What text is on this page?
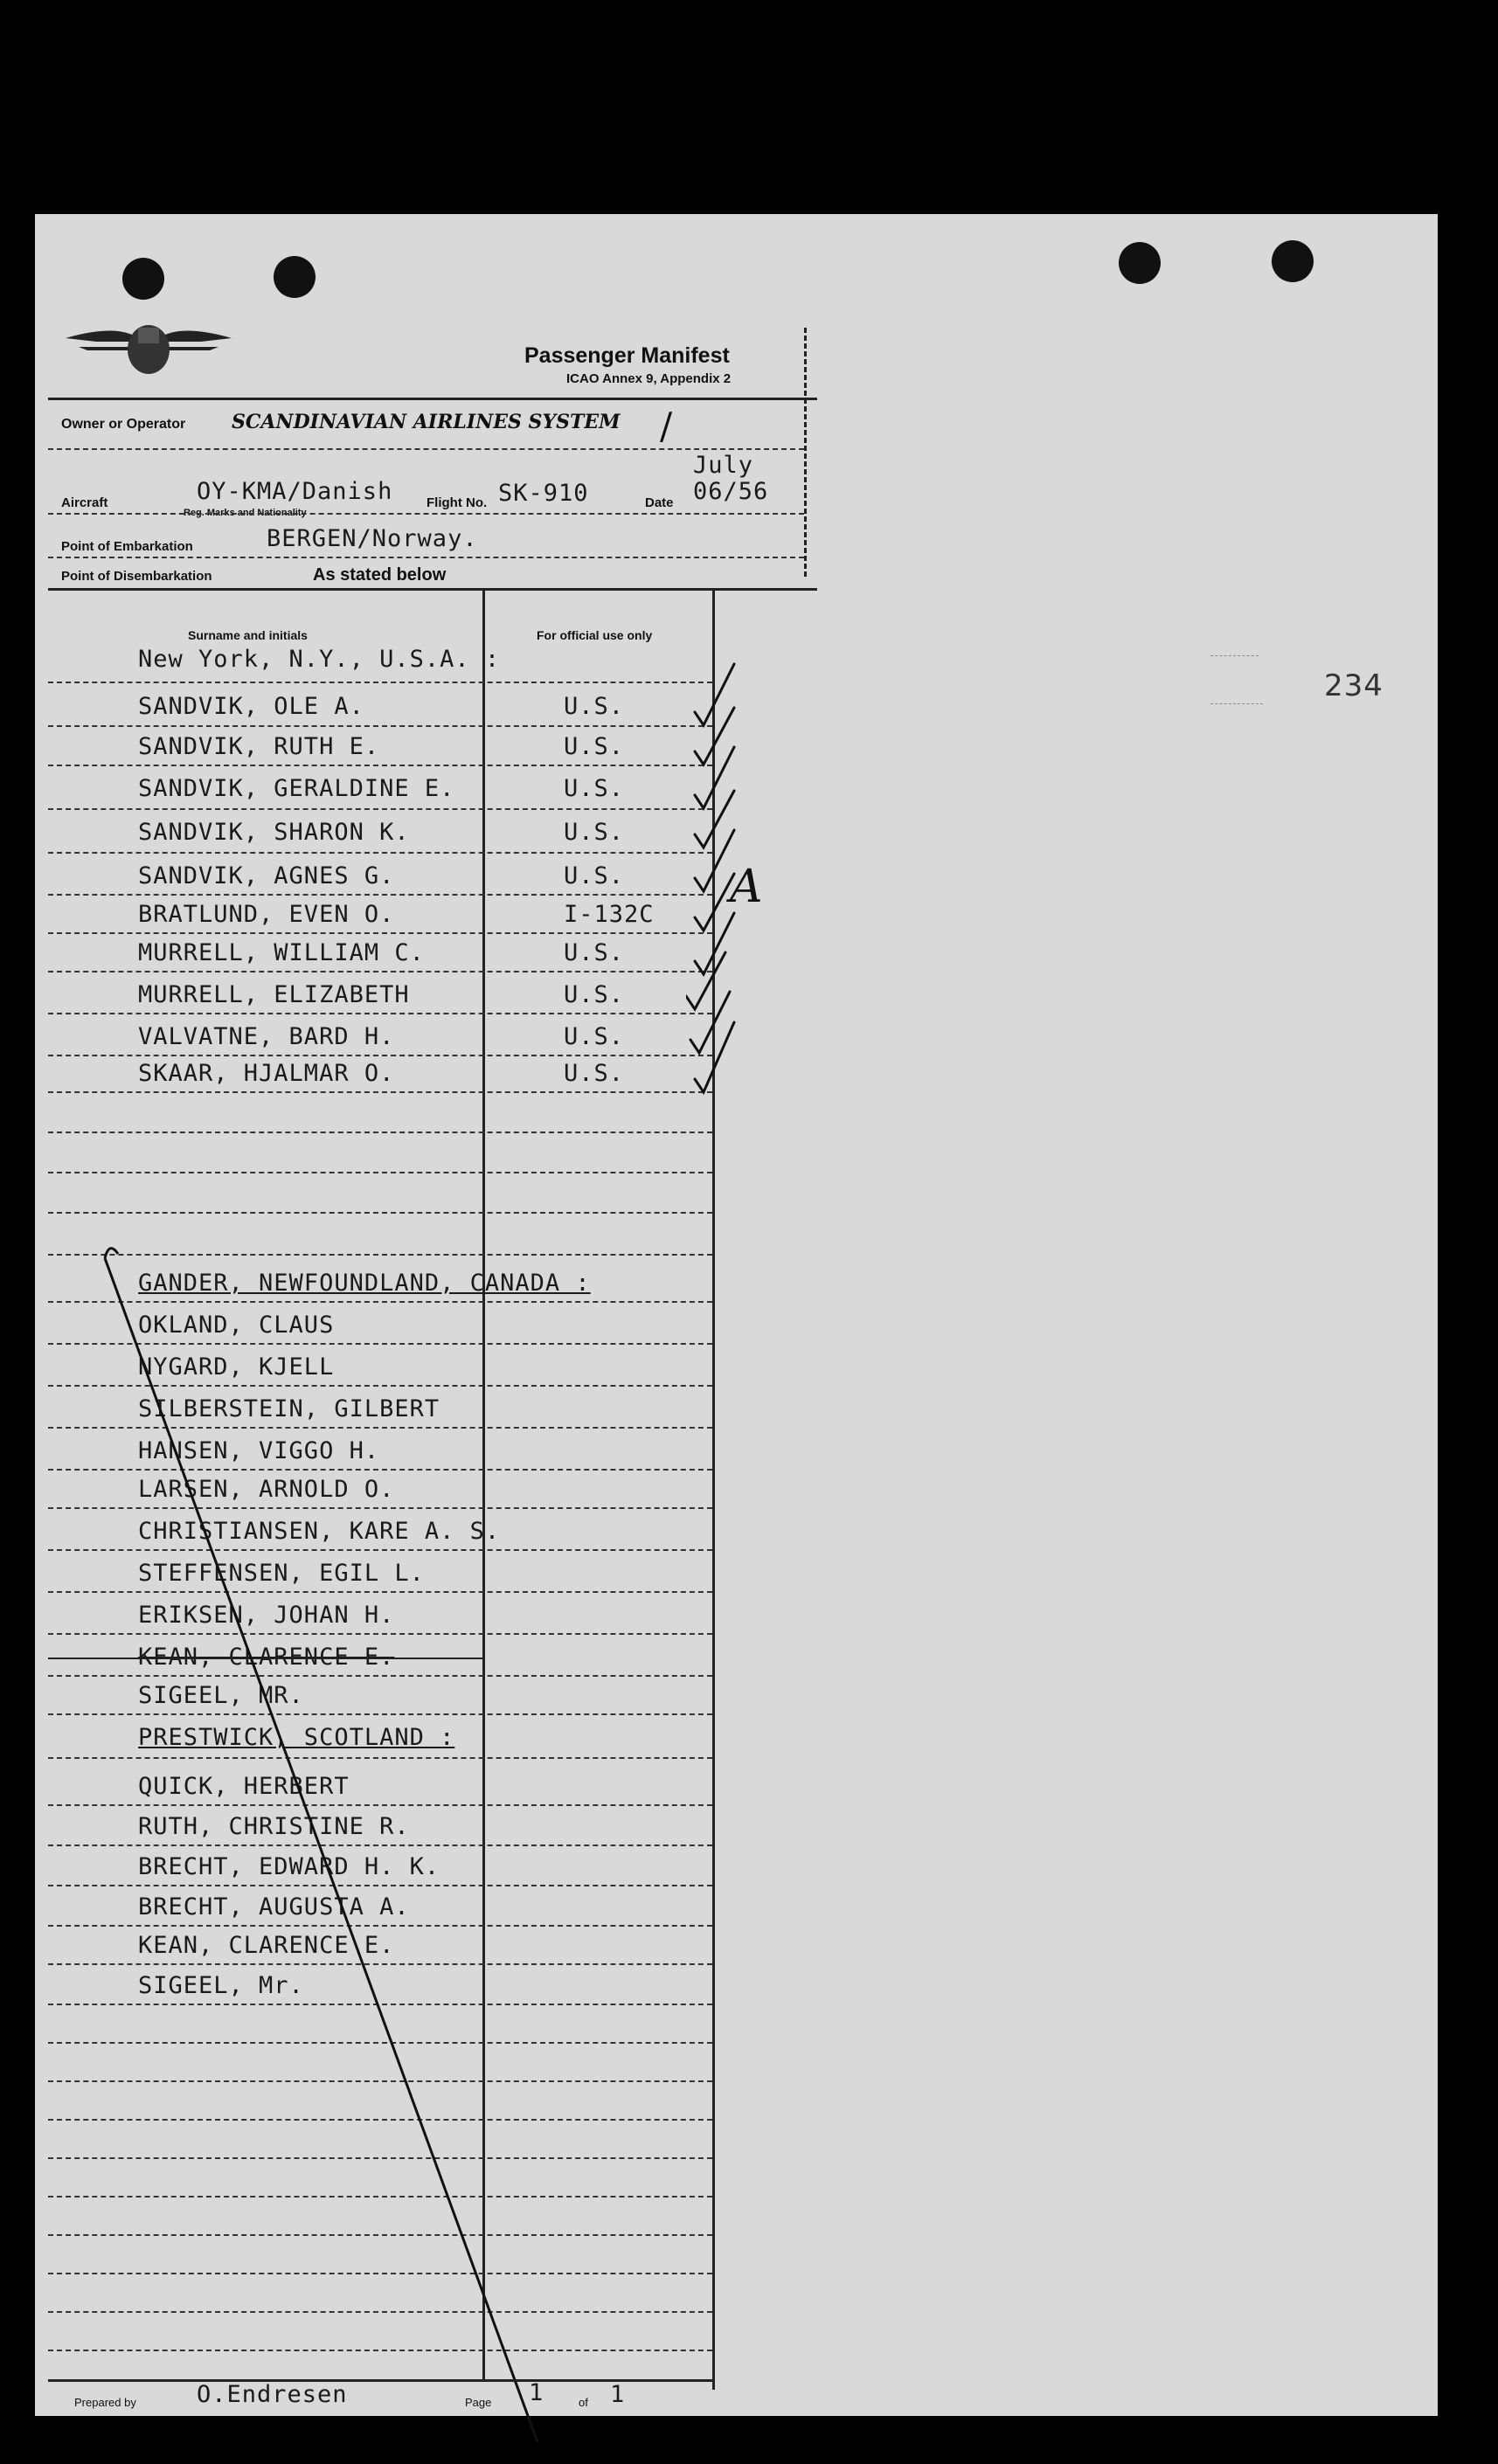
Passenger Manifest
ICAO Annex 9, Appendix 2
Owner or Operator SCANDINAVIAN AIRLINES SYSTEM /
Aircraft	OY-KMA/Danish
Reg. Marks and Nationality
Flight No. SK-910	Date
July
06/56
Point of Embarkation	BERGEN/Norway.
Point of Disembarkation	As stated below
Surname and initials	For official use only
New York, N.Y., U.S.A. :
SANDVIK, OLE A.	U.S.
SANDVIK, RUTH E.	U.S.
SANDVIK, GERALDINE E.	U.S.
SANDVIK, SHARON K.	U.S.
SANDVIK, AGNES G.	U.S.
BRATLUND, EVEN O.	I-132C
MURRELL, WILLIAM C.	U.S.
MURRELL, ELIZABETH	U.S.
VALVATNE, BARD H.	U.S.
SKAAR, HJALMAR O.	U.S.
A
GANDER, NEWFOUNDLAND, CANADA :
OKLAND, CLAUS
NYGARD, KJELL
SILBERSTEIN, GILBERT
HANSEN, VIGGO H.
LARSEN, ARNOLD O.
CHRISTIANSEN, KARE A. S.
STEFFENSEN, EGIL L.
ERIKSEN, JOHAN H.
KEAN, CLARENCE E.
SIGEEL, MR.
PRESTWICK, SCOTLAND :
QUICK, HERBERT
RUTH, CHRISTINE R.
BRECHT, EDWARD H. K.
BRECHT, AUGUSTA A.
KEAN, CLARENCE E.
SIGEEL, Mr.
Prepared by	O.Endresen	Page 1	of 1
234
